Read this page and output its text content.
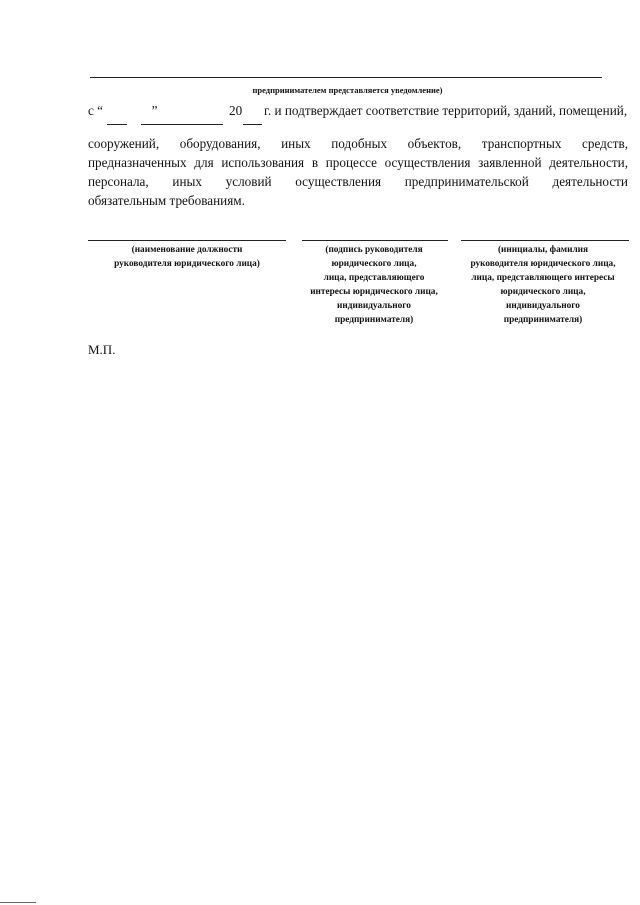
предпринимателем представляется уведомление)
с “	”	20 г. и подтверждает соответствие территорий, зданий, помещений,
сооружений, оборудования, иных подобных объектов, транспортных средств,
предназначенных для использования в процессе осуществления заявленной деятельности,
персонала, иных условий осуществления предпринимательской деятельности
обязательным требованиям.
(наименование должности
руководителя юридического лица)
(подпись руководителя
юридического лица,
лица, представляющего
интересы юридического лица,
индивидуального
предпринимателя)
(инициалы, фамилия
руководителя юридического лица,
лица, представляющего интересы
юридического лица,
индивидуального
предпринимателя)
М.П.
